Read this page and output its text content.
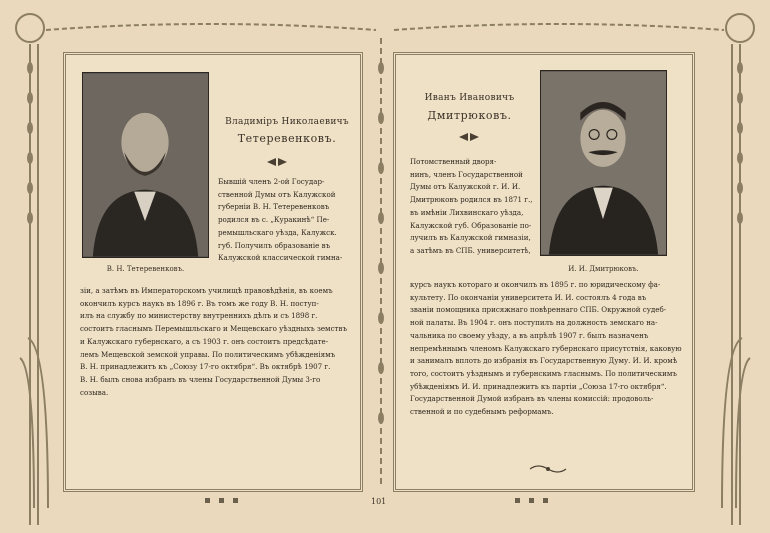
В. Н. Тетеревенковъ.
Владиміръ Николаевичъ
Тетеревенковъ.

Бывшій членъ 2-ой Государ-

ственной Думы отъ Калужской

губерніи В. Н. Тетеревенковъ

родился въ с. „Куракинѣ“ Пе-

ремышльскаго уѣзда, Калужск.

губ. Получилъ образованіе въ

Калужской классической гимна-

зіи, а затѣмъ въ Императорскомъ училищѣ правовѣдѣнія, въ коемъ

окончилъ курсъ наукъ въ 1896 г. Въ томъ же году В. Н. поступ-

илъ на службу по министерству внутреннихъ дѣлъ и съ 1898 г.

состоитъ гласнымъ Перемышльскаго и Мещевскаго уѣздныхъ земствъ

и Калужскаго губернскаго, а съ 1903 г. онъ состоитъ предсѣдате-

лемъ Мещевской земской управы. По политическимъ убѣжденіямъ

В. Н. принадлежитъ къ „Союзу 17-го октября“. Въ октябрѣ 1907 г.

В. Н. былъ снова избранъ въ члены Государственной Думы 3-го

созыва.

Иванъ Ивановичъ
Дмитрюковъ.
И. И. Дмитрюковъ.

Потомственный дворя-

нинъ, членъ Государственной

Думы отъ Калужской г. И. И.

Дмитрюковъ родился въ 1871 г.,

въ имѣніи Лихвинскаго уѣзда,

Калужской губ. Образованіе по-

лучилъ въ Калужской гимназіи,

а затѣмъ въ СПБ. университетѣ,

курсъ наукъ котораго и окончилъ въ 1895 г. по юридическому фа-

культету. По окончаніи университета И. И. состоялъ 4 года въ

званіи помощника присяжнаго повѣреннаго СПБ. Окружной судеб-

ной палаты. Въ 1904 г. онъ поступилъ на должность земскаго на-

чальника по своему уѣзду, а въ апрѣлѣ 1907 г. былъ назначенъ

непремѣннымъ членомъ Калужскаго губернскаго присутствія, каковую

и занималъ вплоть до избранія въ Государственную Думу. И. И. кромѣ

того, состоитъ уѣзднымъ и губернскимъ гласнымъ. По политическимъ

убѣжденіямъ И. И. принадлежитъ къ партіи „Союза 17-го октября“.

Государственной Думой избранъ въ члены комиссій: продоволь-

ственной и по судебнымъ реформамъ.

101
